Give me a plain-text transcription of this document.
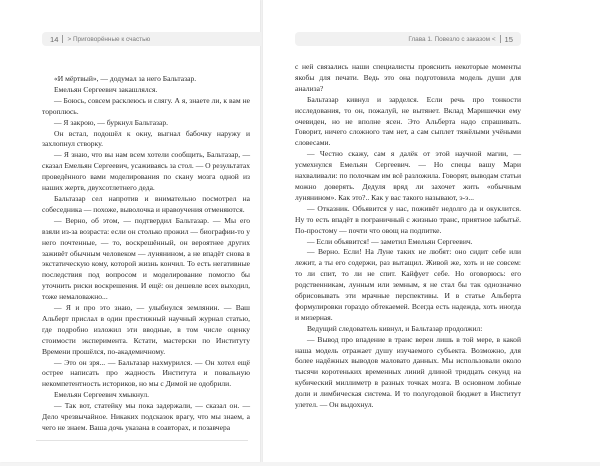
14 > Приговорённые к счастью

«И мёртвый», — додумал за него Бальтазар.

Емельян Сергеевич закашлялся.

— Боюсь, совсем расклеюсь и слягу. А я, знаете ли, к вам не тороплюсь.

— Я закрою, — буркнул Бальтазар.

Он встал, подошёл к окну, выгнал бабочку наружу и захлопнул створку.

— Я знаю, что вы нам всем хотели сообщить, Бальтазар, — сказал Емельян Сергеевич, усаживаясь за стол. — О результатах проведённого вами моделирования по скану мозга одной из наших жертв, двухсотлетнего деда.

Бальтазар сел напротив и внимательно посмотрел на собеседника — похоже, выволочка и нравоучения отменяются.

— Верно, об этом, — подтвердил Бальтазар. — Мы его взяли из-за возраста: если он столько прожил — биографии-то у него почтенные, — то, воскрешённый, он вероятнее других заживёт обычным человеком — лунянином, а не впадёт снова в экстатическую кому, которой жизнь кончил. То есть негативные последствия под вопросом и моделирование помогло бы уточнить риски воскрешения. И ещё: он дешевле всех выходил, тоже немаловажно...

— Я и про это знаю, — улыбнулся землянин. — Ваш Альберт прислал в один престижный научный журнал статью, где подробно изложил эти вводные, в том числе оценку стоимости эксперимента. Кстати, мастерски по Институту Времени прошёлся, по-академичному.

— Это он зря... — Бальтазар нахмурился. — Он хотел ещё острее написать про жадность Института и повальную некомпетентность историков, но мы с Димой не одобрили.

Емельян Сергеевич хмыкнул.

— Так вот, статейку мы пока задержали, — сказал он. — Дело чрезвычайное. Никаких подсказок врагу, что мы знаем, а чего не знаем. Ваша дочь указана в соавторах, и позавчера

Глава 1. Повезло с заказом < 15

с ней связались наши специалисты прояснить некоторые моменты якобы для печати. Ведь это она подготовила модель души для анализа?

Бальтазар кивнул и зарделся. Если речь про тонкости исследования, то он, пожалуй, не вытянет. Вклад Маришечки ему очевиден, но не вполне ясен. Это Альберта надо спрашивать. Говорит, ничего сложного там нет, а сам сыплет тяжёлыми учёными словесами.

— Честно скажу, сам я далёк от этой научной магии, — усмехнулся Емельян Сергеевич. — Но спецы вашу Мари нахваливали: по полочкам им всё разложила. Говорят, выводам статьи можно доверять. Дедуля вряд ли захочет жить «обычным лунянином». Как это?.. Как у вас такого называют, э-э...

— Отказник. Объявится у нас, поживёт недолго да и окуклится. Ну то есть впадёт в пограничный с жизнью транс, приятное забытьё. По-простому — почти что овощ на подпитке.

— Если объявится! — заметил Емельян Сергеевич.

— Верно. Если! На Луне таких не любят: оно сидит себе или лежит, а ты его содержи, раз вытащил. Живой же, хоть и не совсем: то ли спит, то ли не спит. Кайфует себе. Но оговорюсь: его родственникам, лунным или земным, я не стал бы так однозначно обрисовывать эти мрачные перспективы. И в статье Альберта формулировки гораздо обтекаемей. Всегда есть надежда, хоть иногда и мизерная.

Ведущий следователь кивнул, и Бальтазар продолжил:

— Вывод про впадение в транс верен лишь в той мере, в какой наша модель отражает душу изучаемого субъекта. Возможно, для более надёжных выводов маловато данных. Мы использовали около тысячи коротеньких временных линий длиной тридцать секунд на кубический миллиметр в разных точках мозга. В основном лобные доли и лимбическая система. И то полугодовой бюджет в Институт улетел. — Он выдохнул.
